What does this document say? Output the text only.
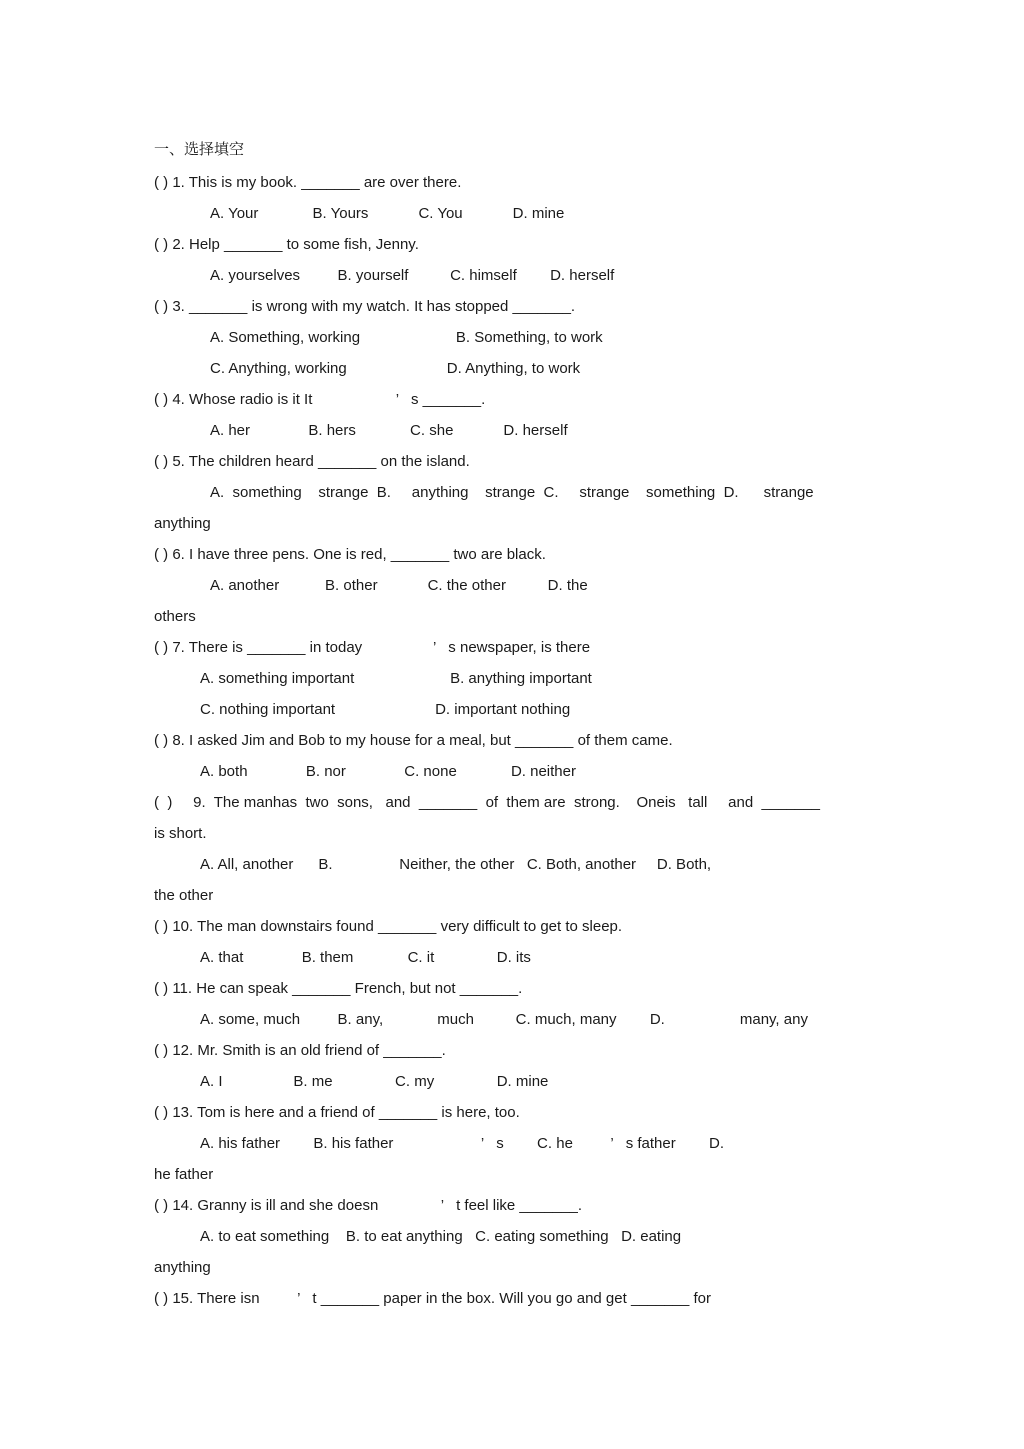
一、选择填空
( ) 1. This is my book. _______ are over there.
A. Your             B. Yours            C. You            D. mine
( ) 2. Help _______ to some fish, Jenny.
A. yourselves         B. yourself          C. himself        D. herself
( ) 3. _______ is wrong with my watch. It has stopped _______.
A. Something, working                       B. Something, to work
C. Anything, working                        D. Anything, to work
( ) 4. Whose radio is it It                    ’   s _______.
A. her              B. hers             C. she            D. herself
( ) 5. The children heard _______ on the island.
A.  something    strange  B.     anything    strange  C.     strange    something  D.      strange
anything
( ) 6. I have three pens. One is red, _______ two are black.
A. another           B. other            C. the other          D. the
others
( ) 7. There is _______ in today                 ’   s newspaper, is there
A. something important                       B. anything important
C. nothing important                        D. important nothing
( ) 8. I asked Jim and Bob to my house for a meal, but _______ of them came.
A. both              B. nor              C. none             D. neither
(  )     9.  The manhas  two  sons,   and  _______  of  them are  strong.    Oneis   tall     and  _______
is short.
A. All, another      B.                Neither, the other   C. Both, another     D. Both,
the other
( ) 10. The man downstairs found _______ very difficult to get to sleep.
A. that              B. them             C. it               D. its
( ) 11. He can speak _______ French, but not _______.
A. some, much         B. any,             much          C. much, many        D.                  many, any
( ) 12. Mr. Smith is an old friend of _______.
A. I                 B. me               C. my               D. mine
( ) 13. Tom is here and a friend of _______ is here, too.
A. his father        B. his father                     ’   s        C. he         ’   s father        D.
he father
( ) 14. Granny is ill and she doesn               ’   t feel like _______.
A. to eat something    B. to eat anything   C. eating something   D. eating
anything
( ) 15. There isn         ’   t _______ paper in the box. Will you go and get _______ for
